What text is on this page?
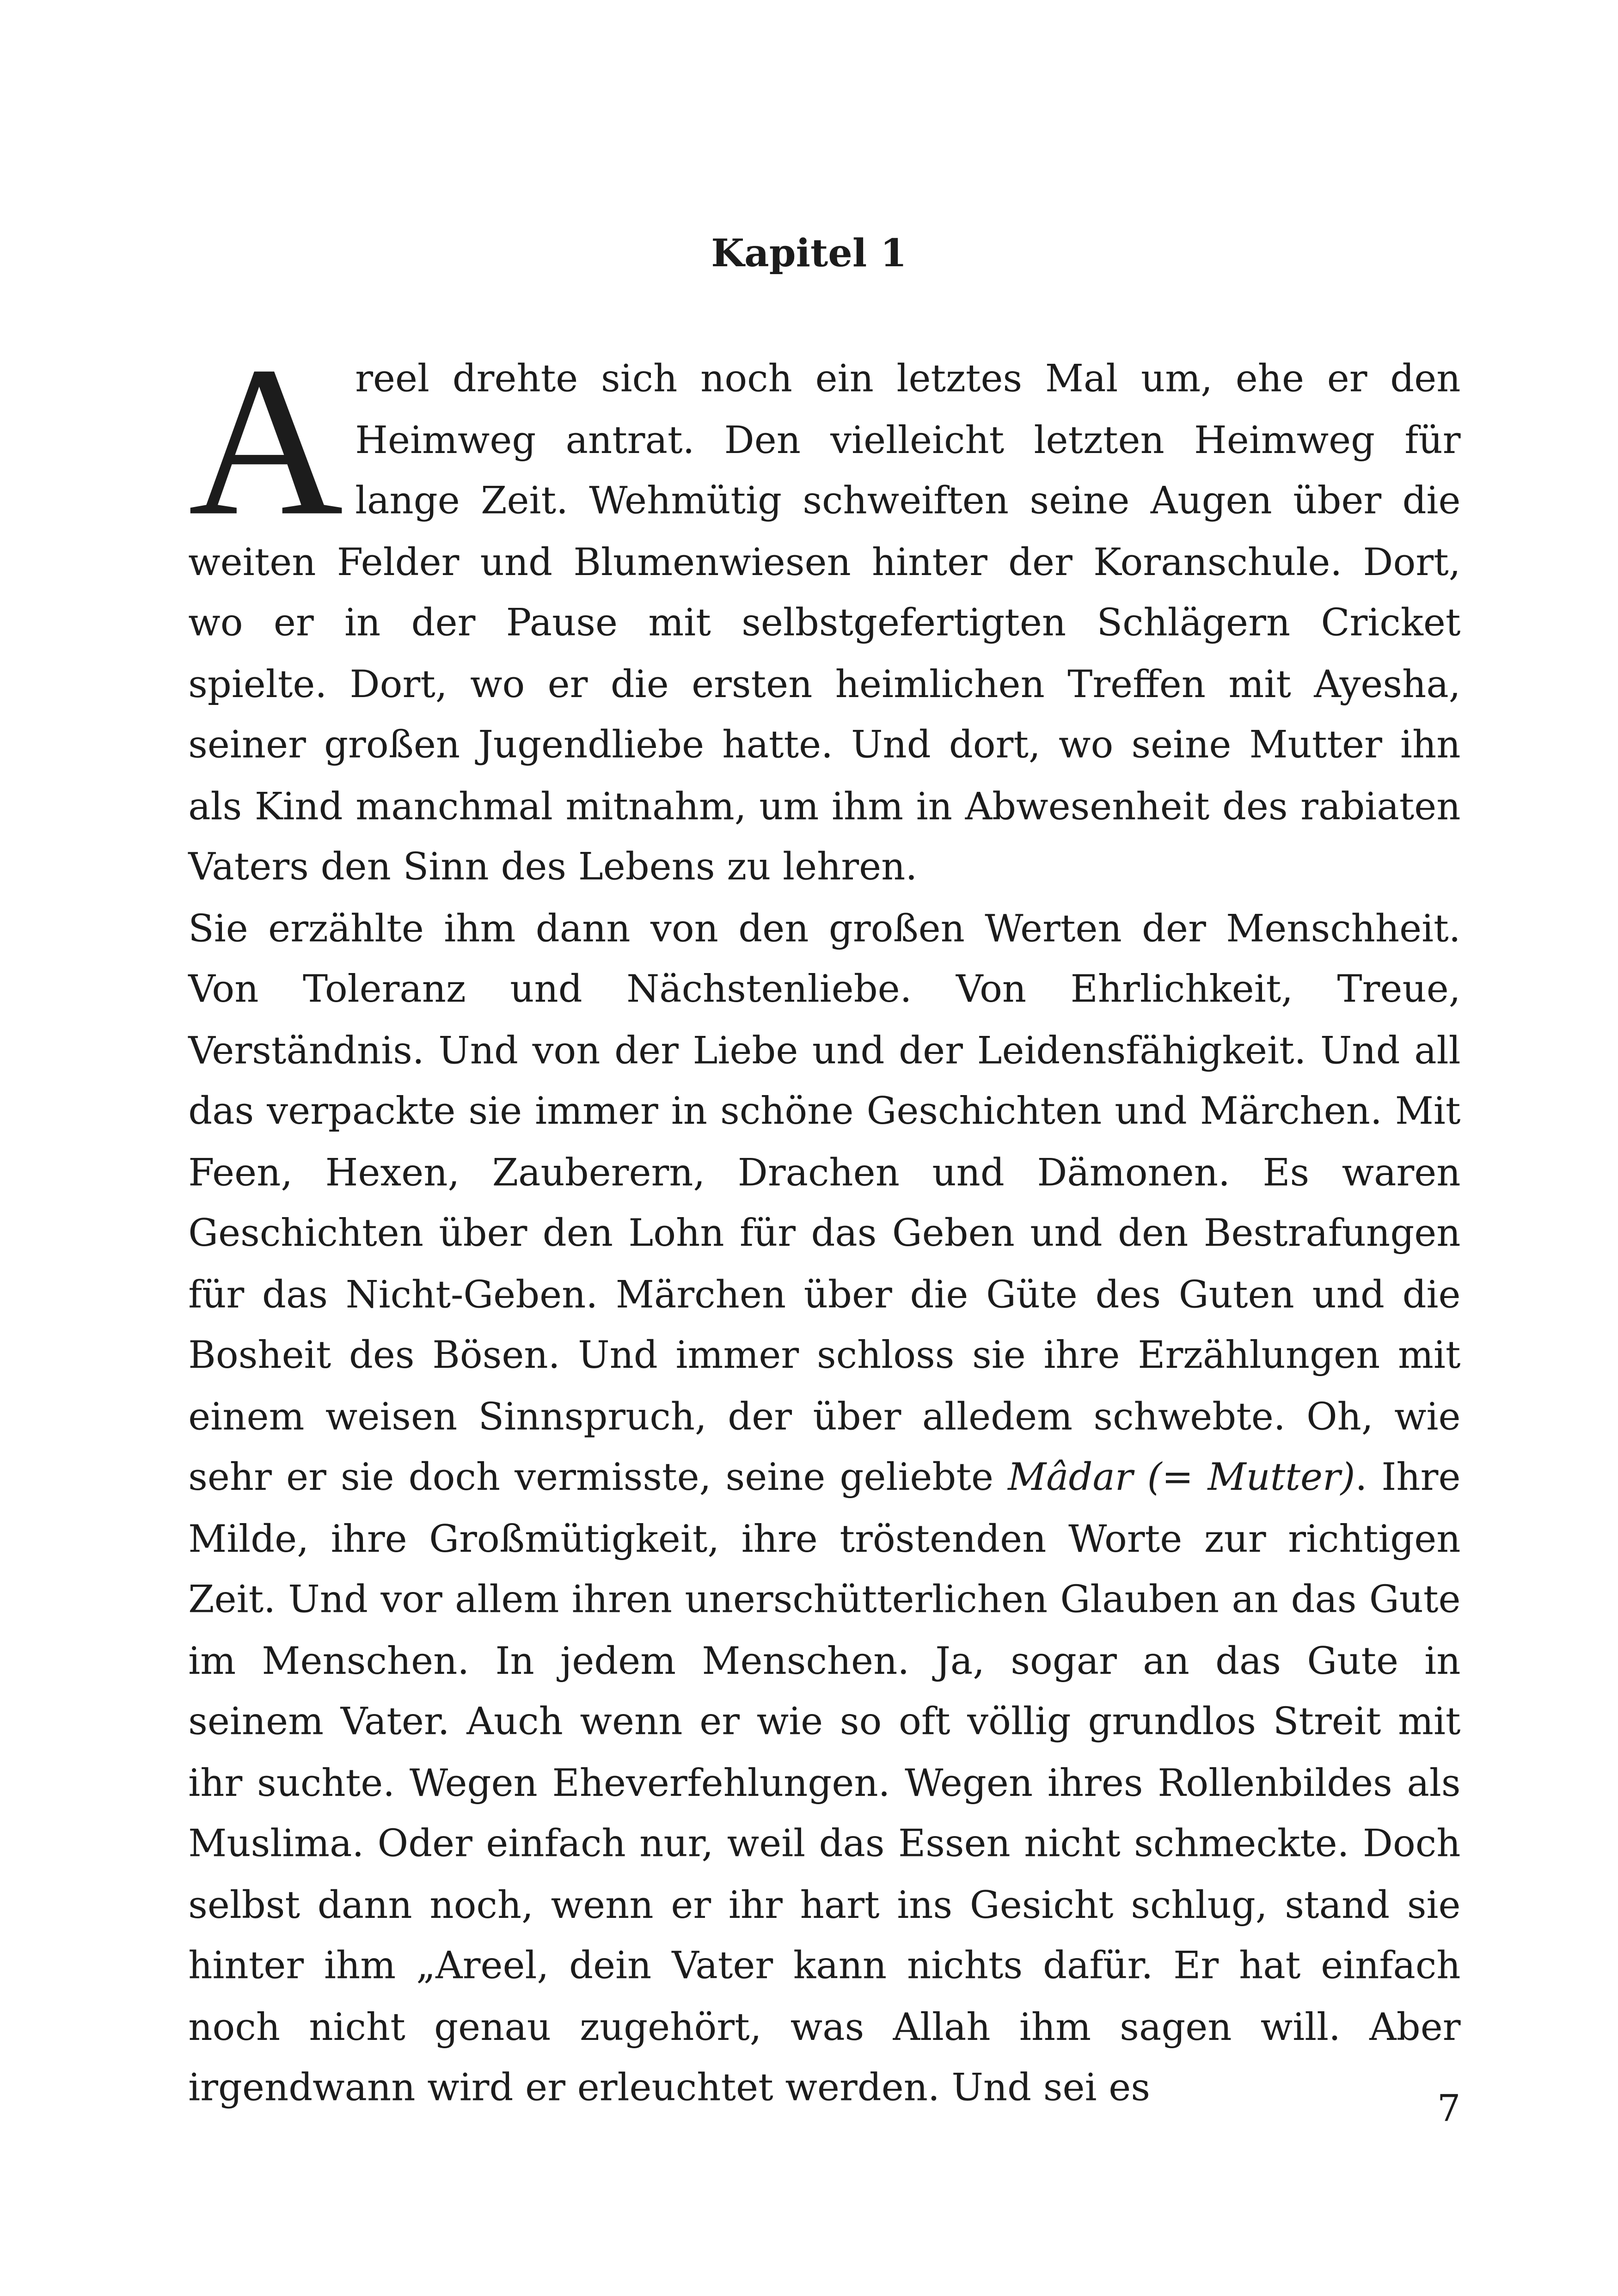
Kapitel 1

Areel drehte sich noch ein letztes Mal um, ehe er den Heimweg antrat. Den vielleicht letzten Heimweg für lange Zeit. Wehmütig schweiften seine Augen über die weiten Felder und Blumenwiesen hinter der Koranschule. Dort, wo er in der Pause mit selbstgefertigten Schlägern Cricket spielte. Dort, wo er die ersten heimlichen Treffen mit Ayesha, seiner großen Jugendliebe hatte. Und dort, wo seine Mutter ihn als Kind manchmal mitnahm, um ihm in Abwesenheit des rabiaten Vaters den Sinn des Lebens zu lehren.

Sie erzählte ihm dann von den großen Werten der Menschheit. Von Toleranz und Nächstenliebe. Von Ehrlichkeit, Treue, Verständnis. Und von der Liebe und der Leidensfähigkeit. Und all das verpackte sie immer in schöne Geschichten und Märchen. Mit Feen, Hexen, Zauberern, Drachen und Dämonen. Es waren Geschichten über den Lohn für das Geben und den Bestrafungen für das Nicht-Geben. Märchen über die Güte des Guten und die Bosheit des Bösen. Und immer schloss sie ihre Erzählungen mit einem weisen Sinnspruch, der über alledem schwebte. Oh, wie sehr er sie doch vermisste, seine geliebte Mâdar (= Mutter). Ihre Milde, ihre Großmütigkeit, ihre tröstenden Worte zur richtigen Zeit. Und vor allem ihren unerschütterlichen Glauben an das Gute im Menschen. In jedem Menschen. Ja, sogar an das Gute in seinem Vater. Auch wenn er wie so oft völlig grundlos Streit mit ihr suchte. Wegen Eheverfehlungen. Wegen ihres Rollenbildes als Muslima. Oder einfach nur, weil das Essen nicht schmeckte. Doch selbst dann noch, wenn er ihr hart ins Gesicht schlug, stand sie hinter ihm „Areel, dein Vater kann nichts dafür. Er hat einfach noch nicht genau zugehört, was Allah ihm sagen will. Aber irgendwann wird er erleuchtet werden. Und sei es	7
